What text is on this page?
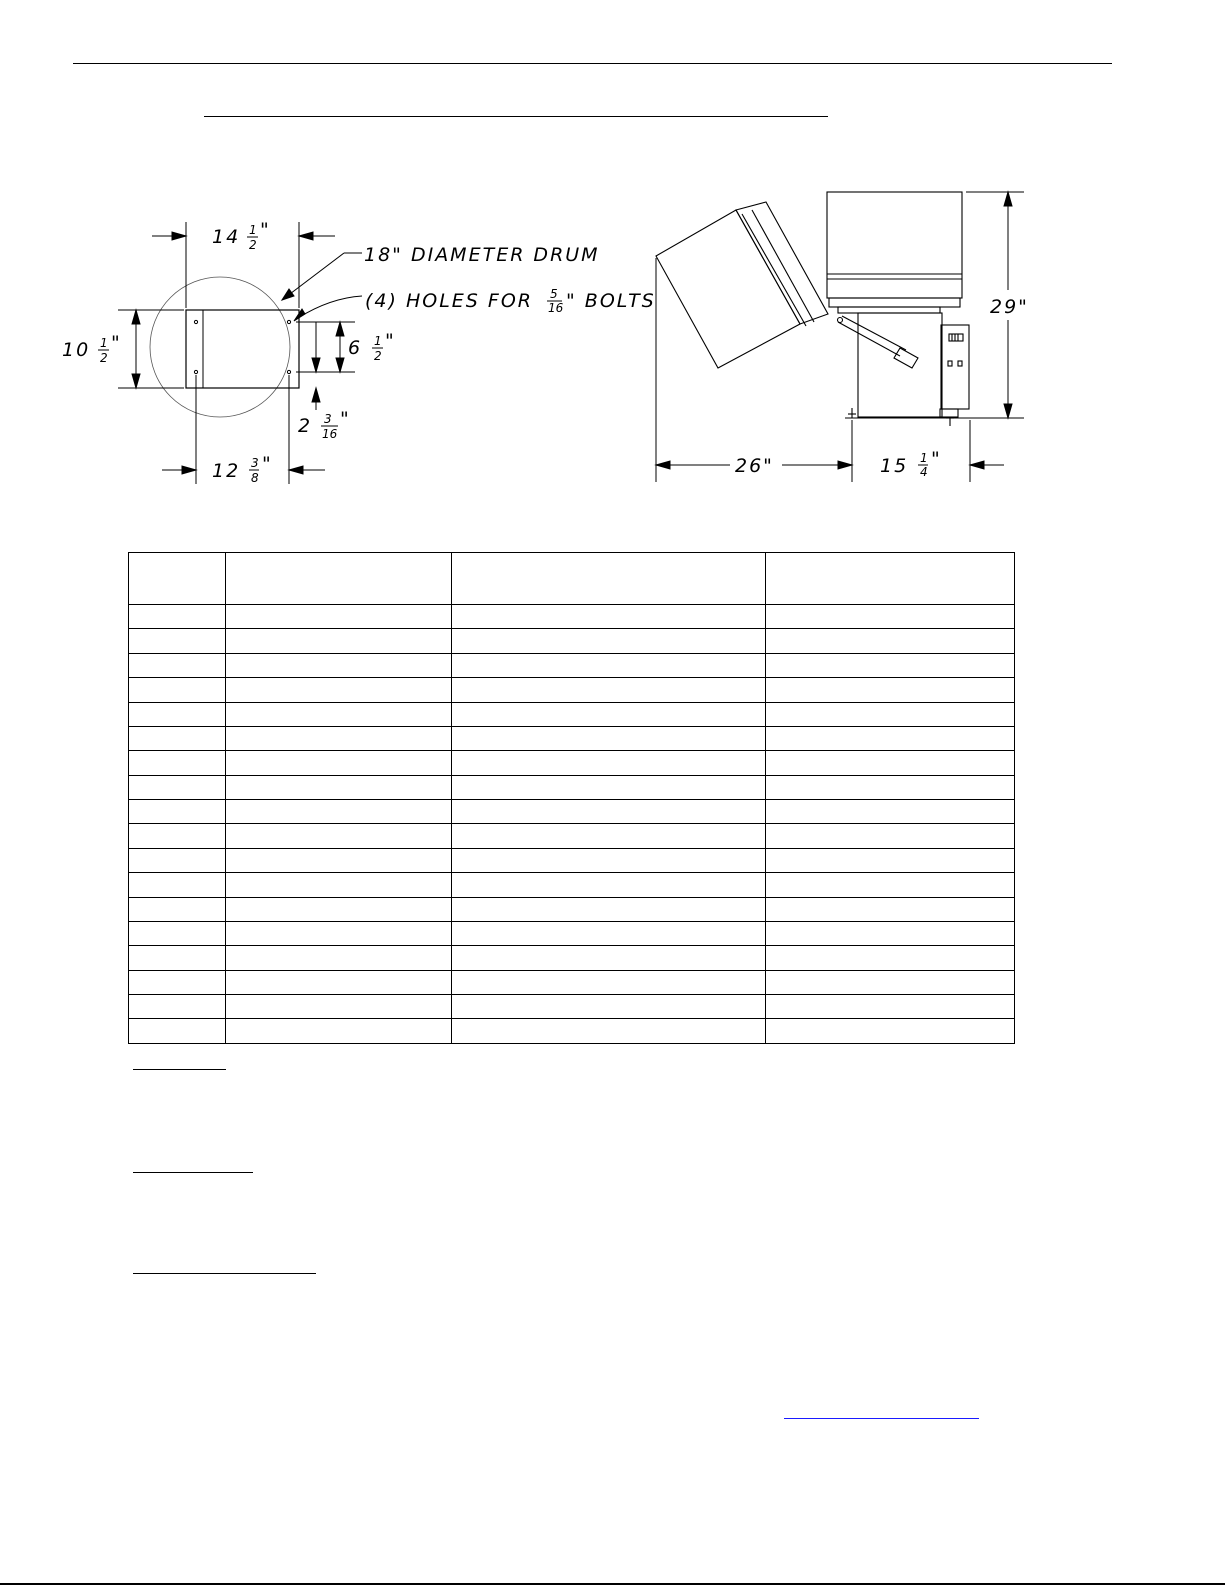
14 1
2
"
10 1
2
"	6 1
2
"
2 3
16
"
12 3
8
"
18" DIAMETER DRUM
(4) HOLES FOR 5
16 " BOLTS	29"
26"	15 1
4
"
